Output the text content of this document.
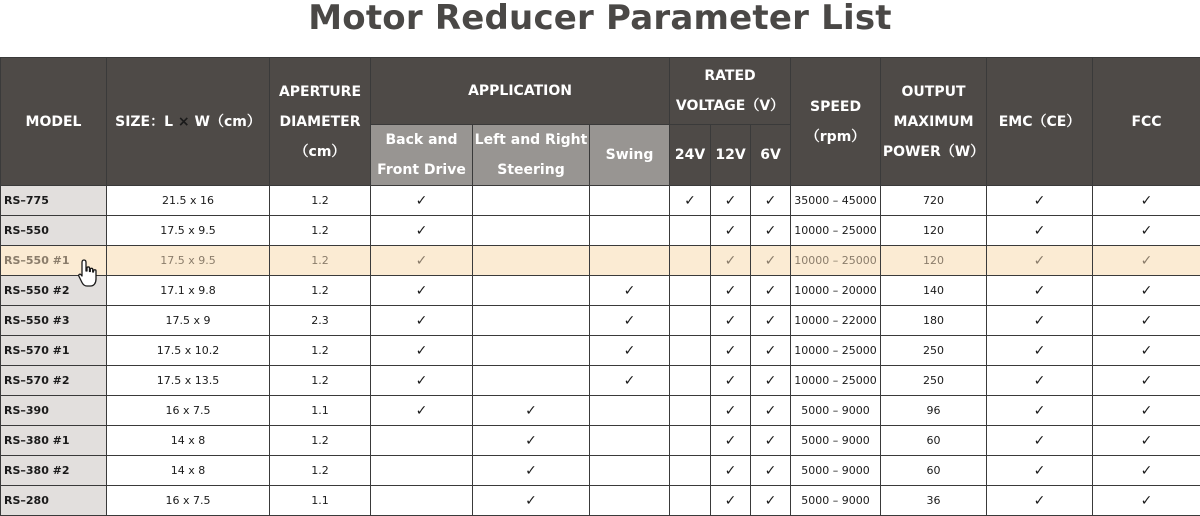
Motor Reducer Parameter List
MODEL	SIZE：L × W（cm）	APERTURE DIAMETER（cm）	APPLICATION			RATED VOLTAGE（V）			SPEED（rpm）	OUTPUT MAXIMUM POWER（W）	EMC（CE）	FCC
			Back and Front Drive	Left and Right Steering	Swing	24V	12V	6V				
RS–775	21.5 x 16	1.2	✓			✓	✓	✓	35000 – 45000	720	✓	✓
RS–550	17.5 x 9.5	1.2	✓				✓	✓	10000 – 25000	120	✓	✓
RS–550 #1	17.5 x 9.5	1.2	✓				✓	✓	10000 – 25000	120	✓	✓
RS–550 #2	17.1 x 9.8	1.2	✓		✓		✓	✓	10000 – 20000	140	✓	✓
RS–550 #3	17.5 x 9	2.3	✓		✓		✓	✓	10000 – 22000	180	✓	✓
RS–570 #1	17.5 x 10.2	1.2	✓		✓		✓	✓	10000 – 25000	250	✓	✓
RS–570 #2	17.5 x 13.5	1.2	✓		✓		✓	✓	10000 – 25000	250	✓	✓
RS–390	16 x 7.5	1.1	✓	✓			✓	✓	5000 – 9000	96	✓	✓
RS–380 #1	14 x 8	1.2		✓			✓	✓	5000 – 9000	60	✓	✓
RS–380 #2	14 x 8	1.2		✓			✓	✓	5000 – 9000	60	✓	✓
RS–280	16 x 7.5	1.1		✓			✓	✓	5000 – 9000	36	✓	✓
